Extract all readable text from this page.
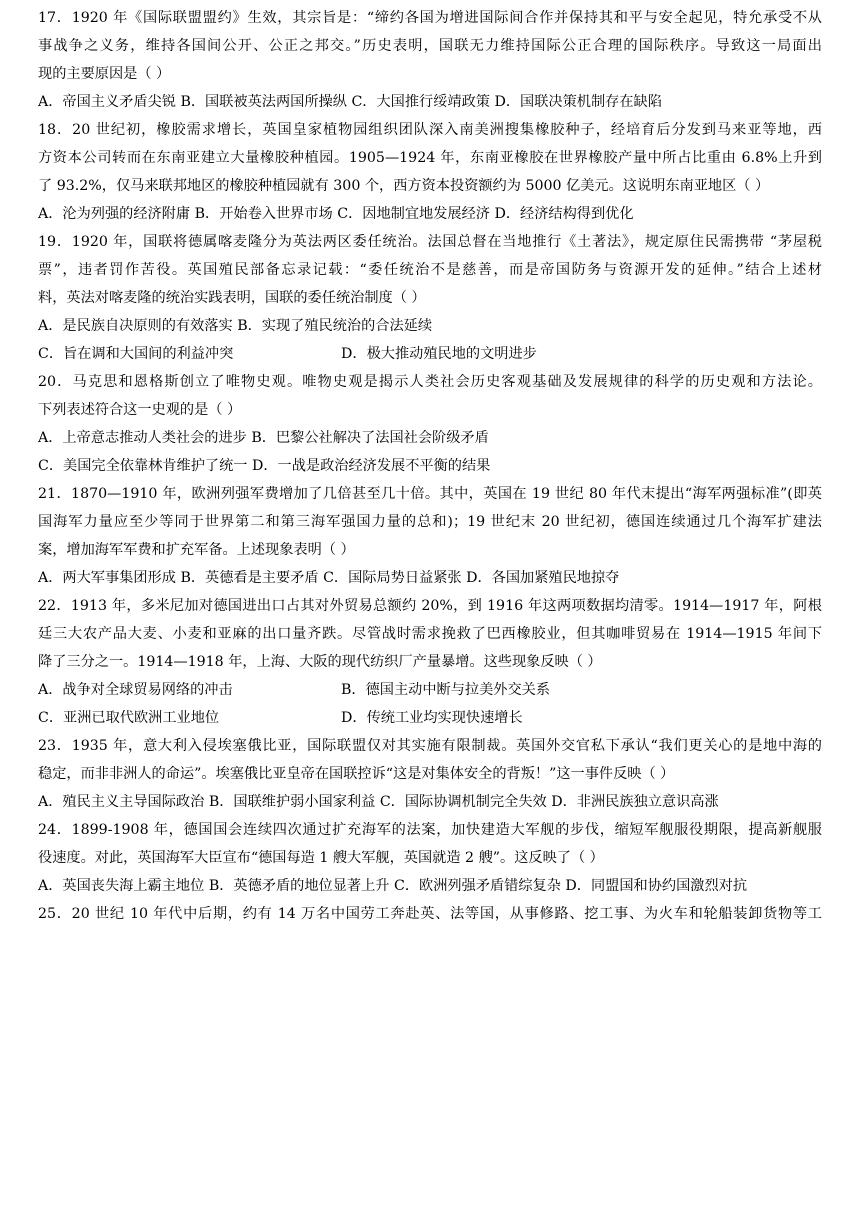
17．1920 年《国际联盟盟约》生效，其宗旨是：“缔约各国为增进国际间合作并保持其和平与安全起见，特允承受不从
事战争之义务，维持各国间公开、公正之邦交。”历史表明，国联无力维持国际公正合理的国际秩序。导致这一局面出
现的主要原因是（ ）
A．帝国主义矛盾尖锐 B．国联被英法两国所操纵 C．大国推行绥靖政策 D．国联决策机制存在缺陷
18．20 世纪初，橡胶需求增长，英国皇家植物园组织团队深入南美洲搜集橡胶种子，经培育后分发到马来亚等地，西
方资本公司转而在东南亚建立大量橡胶种植园。1905—1924 年，东南亚橡胶在世界橡胶产量中所占比重由 6.8%上升到
了 93.2%，仅马来联邦地区的橡胶种植园就有 300 个，西方资本投资额约为 5000 亿美元。这说明东南亚地区（ ）
A．沦为列强的经济附庸 B．开始卷入世界市场 C．因地制宜地发展经济 D．经济结构得到优化
19．1920 年，国联将德属喀麦隆分为英法两区委任统治。法国总督在当地推行《土著法》，规定原住民需携带 “茅屋税
票”，违者罚作苦役。英国殖民部备忘录记载：“委任统治不是慈善，而是帝国防务与资源开发的延伸。”结合上述材
料，英法对喀麦隆的统治实践表明，国联的委任统治制度（ ）
A．是民族自决原则的有效落实 B．实现了殖民统治的合法延续
C．旨在调和大国间的利益冲突	D．极大推动殖民地的文明进步
20．马克思和恩格斯创立了唯物史观。唯物史观是揭示人类社会历史客观基础及发展规律的科学的历史观和方法论。
下列表述符合这一史观的是（ ）
A．上帝意志推动人类社会的进步 B．巴黎公社解决了法国社会阶级矛盾
C．美国完全依靠林肯维护了统一 D．一战是政治经济发展不平衡的结果
21．1870—1910 年，欧洲列强军费增加了几倍甚至几十倍。其中，英国在 19 世纪 80 年代末提出“海军两强标准”(即英
国海军力量应至少等同于世界第二和第三海军强国力量的总和)；19 世纪末 20 世纪初，德国连续通过几个海军扩建法
案，增加海军军费和扩充军备。上述现象表明（ ）
A．两大军事集团形成 B．英德看是主要矛盾 C．国际局势日益紧张 D．各国加紧殖民地掠夺
22．1913 年，多米尼加对德国进出口占其对外贸易总额约 20%，到 1916 年这两项数据均清零。1914—1917 年，阿根
廷三大农产品大麦、小麦和亚麻的出口量齐跌。尽管战时需求挽救了巴西橡胶业，但其咖啡贸易在 1914—1915 年间下
降了三分之一。1914—1918 年，上海、大阪的现代纺织厂产量暴增。这些现象反映（ ）
A．战争对全球贸易网络的冲击	B．德国主动中断与拉美外交关系
C．亚洲已取代欧洲工业地位	D．传统工业均实现快速增长
23．1935 年，意大利入侵埃塞俄比亚，国际联盟仅对其实施有限制裁。英国外交官私下承认“我们更关心的是地中海的
稳定，而非非洲人的命运”。埃塞俄比亚皇帝在国联控诉“这是对集体安全的背叛！”这一事件反映（ ）
A．殖民主义主导国际政治 B．国联维护弱小国家利益 C．国际协调机制完全失效 D．非洲民族独立意识高涨
24．1899-1908 年，德国国会连续四次通过扩充海军的法案，加快建造大军舰的步伐，缩短军舰服役期限，提高新舰服
役速度。对此，英国海军大臣宣布“德国每造 1 艘大军舰，英国就造 2 艘”。这反映了（ ）
A．英国丧失海上霸主地位 B．英德矛盾的地位显著上升 C．欧洲列强矛盾错综复杂 D．同盟国和协约国激烈对抗
25．20 世纪 10 年代中后期，约有 14 万名中国劳工奔赴英、法等国，从事修路、挖工事、为火车和轮船装卸货物等工
